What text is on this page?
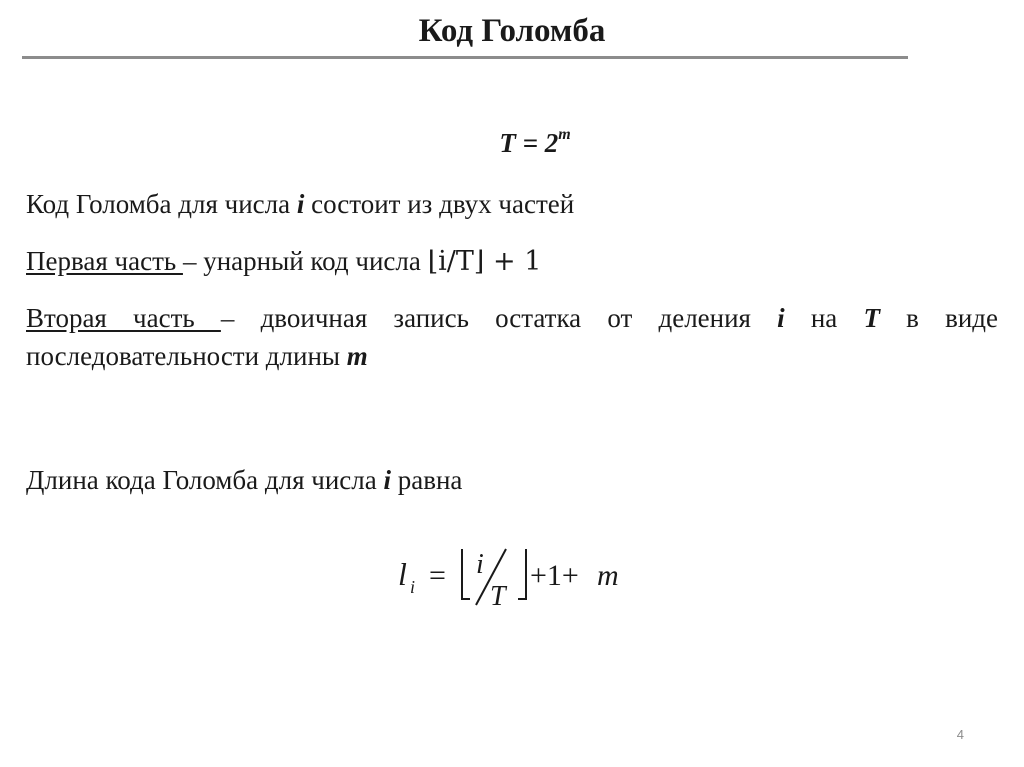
Код Голомба
$T = 2^m$
Код Голомба для числа i состоит из двух частей
Первая часть – унарный код числа ⌊i/T⌋ + 1
Вторая часть – двоичная запись остатка от деления i на T в виде последовательности длины m
Длина кода Голомба для числа i равна
l i = i
T
+1+ m
4
